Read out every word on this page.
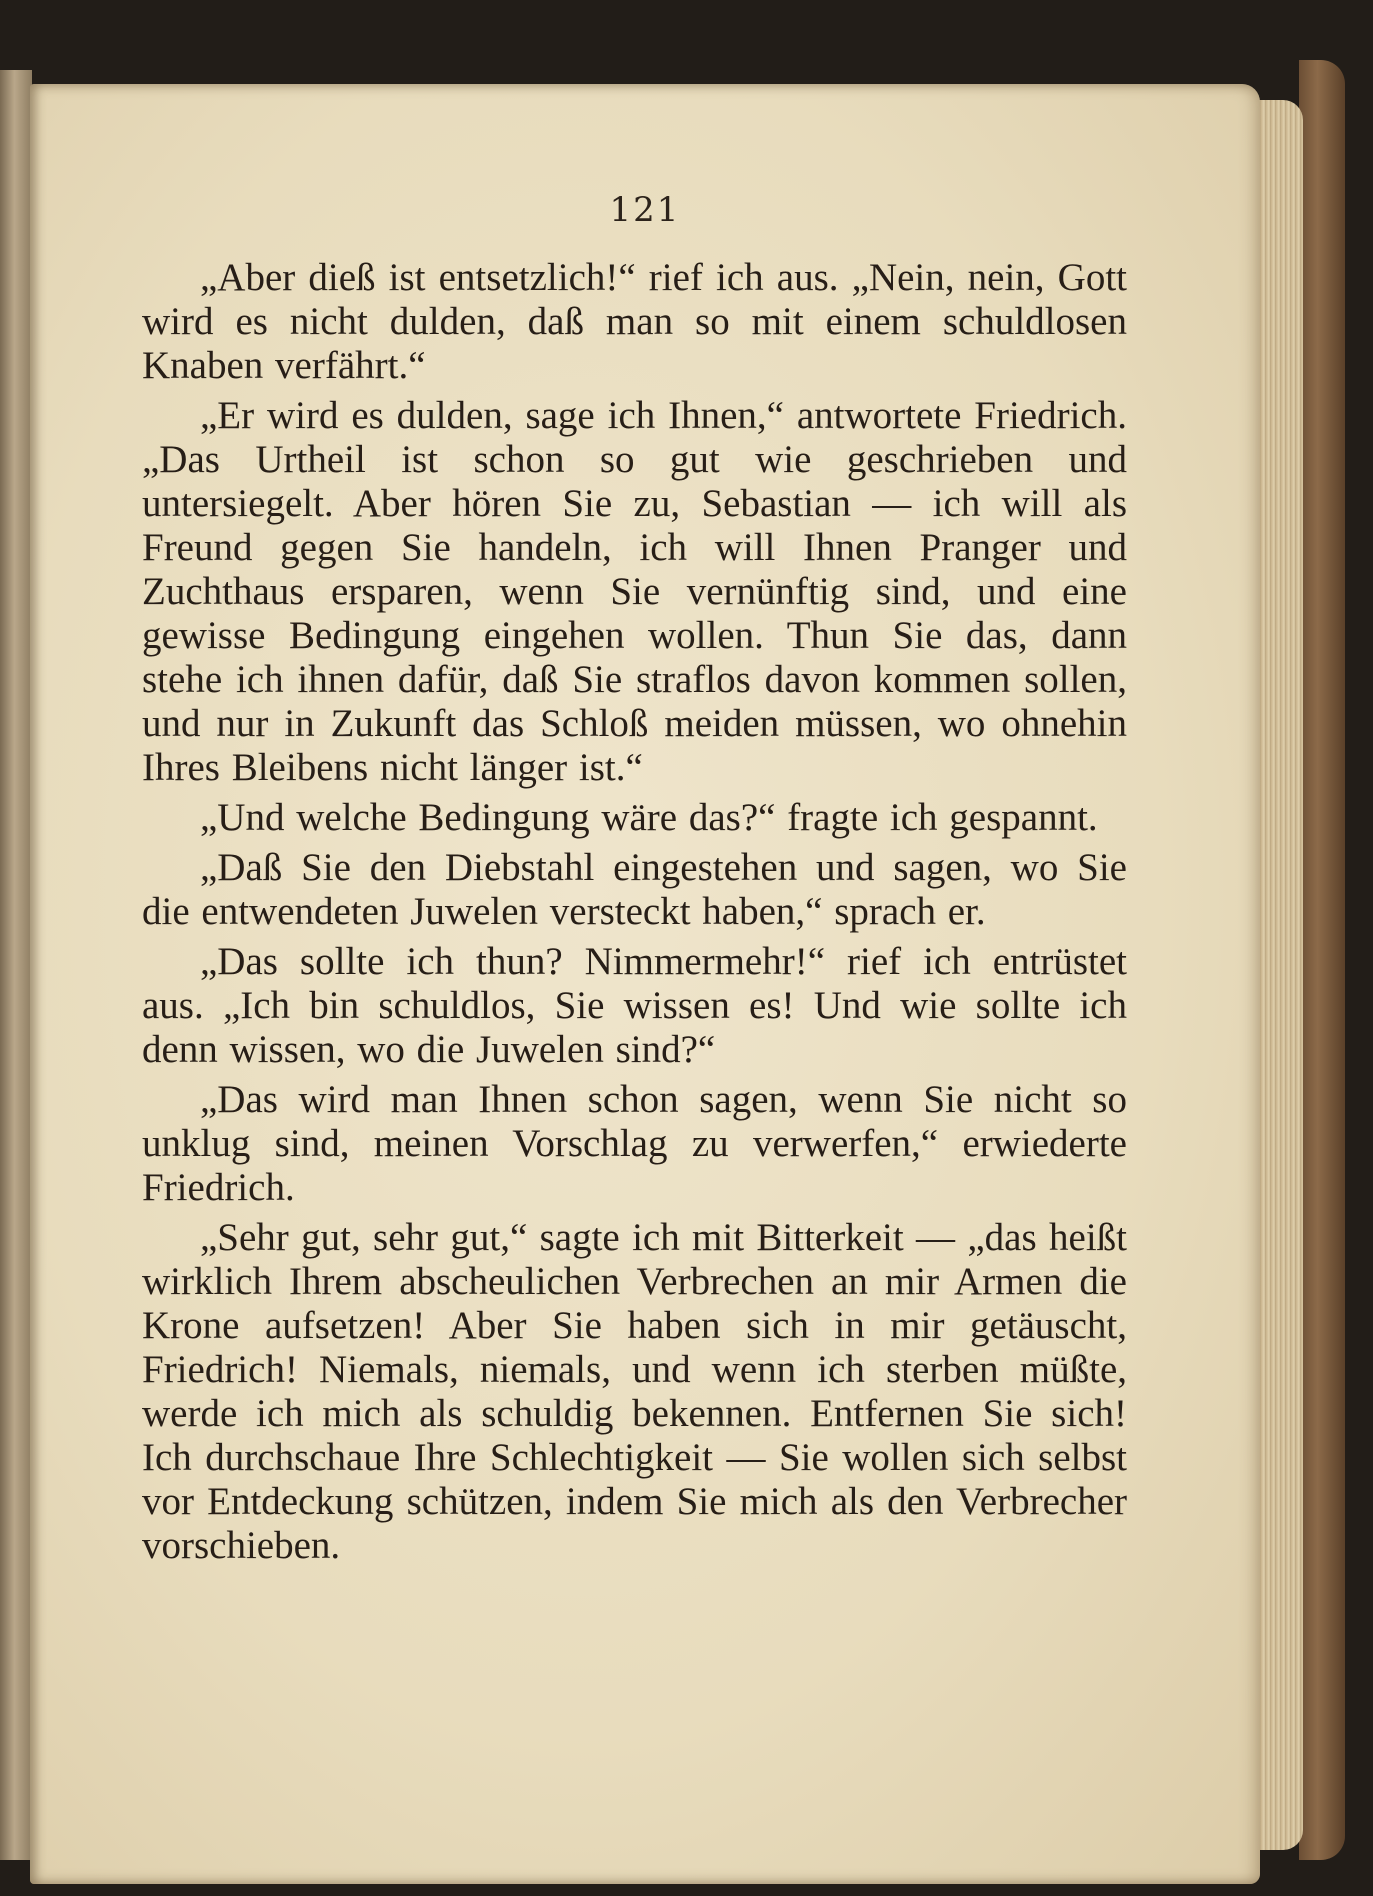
121

„Aber dieß ist entsetzlich!“ rief ich aus. „Nein, nein, Gott wird es nicht dulden, daß man so mit einem schuldlosen Knaben verfährt.“

„Er wird es dulden, sage ich Ihnen,“ antwortete Friedrich. „Das Urtheil ist schon so gut wie geschrieben und untersiegelt. Aber hören Sie zu, Sebastian — ich will als Freund gegen Sie handeln, ich will Ihnen Pranger und Zuchthaus ersparen, wenn Sie vernünftig sind, und eine gewisse Bedingung eingehen wollen. Thun Sie das, dann stehe ich ihnen dafür, daß Sie straflos davon kommen sollen, und nur in Zukunft das Schloß meiden müssen, wo ohnehin Ihres Bleibens nicht länger ist.“

„Und welche Bedingung wäre das?“ fragte ich gespannt.

„Daß Sie den Diebstahl eingestehen und sagen, wo Sie die entwendeten Juwelen versteckt haben,“ sprach er.

„Das sollte ich thun? Nimmermehr!“ rief ich entrüstet aus. „Ich bin schuldlos, Sie wissen es! Und wie sollte ich denn wissen, wo die Juwelen sind?“

„Das wird man Ihnen schon sagen, wenn Sie nicht so unklug sind, meinen Vorschlag zu verwerfen,“ erwiederte Friedrich.

„Sehr gut, sehr gut,“ sagte ich mit Bitterkeit — „das heißt wirklich Ihrem abscheulichen Verbrechen an mir Armen die Krone aufsetzen! Aber Sie haben sich in mir getäuscht, Friedrich! Niemals, niemals, und wenn ich sterben müßte, werde ich mich als schuldig bekennen. Entfernen Sie sich! Ich durchschaue Ihre Schlechtigkeit — Sie wollen sich selbst vor Entdeckung schützen, indem Sie mich als den Verbrecher vorschieben.
